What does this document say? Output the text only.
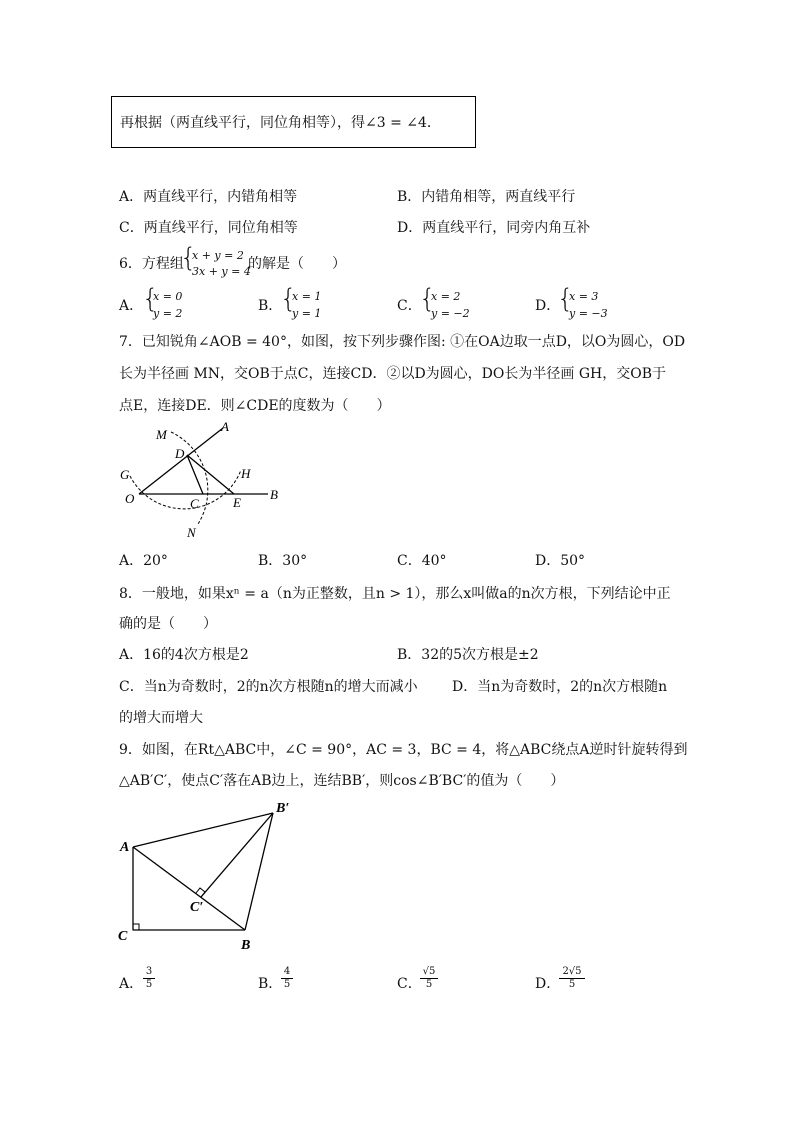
再根据（两直线平行，同位角相等），得∠3 = ∠4．
A．两直线平行，内错角相等	B．内错角相等，两直线平行
C．两直线平行，同位角相等	D．两直线平行，同旁内角互补
6．方程组
{
x + y = 2
3x + y = 4
的解是（　　）
A．
{
x = 0
y = 2	B．
{
x = 1
y = 1	C．
{
x = 2
y = −2	D．
{
x = 3
y = −3
7．已知锐角∠AOB = 40°，如图，按下列步骤作图: ①在OA边取一点D，以O为圆心，OD
长为半径画 MN，交OB于点C，连接CD．②以D为圆心，DO长为半径画 GH，交OB于
点E，连接DE．则∠CDE的度数为（　　）
M
A
D
G	H
O	C	E
B
N
A．20°	B．30°	C．40°	D．50°
8．一般地，如果xⁿ = a（n为正整数，且n > 1），那么x叫做a的n次方根，下列结论中正
确的是（　　）
A．16的4次方根是2	B．32的5次方根是±2
C．当n为奇数时，2的n次方根随n的增大而减小 D．当n为奇数时，2的n次方根随n
的增大而增大
9．如图，在Rt△ABC中，∠C = 90°，AC = 3，BC = 4，将△ABC绕点A逆时针旋转得到
△AB′C′，使点C′落在AB边上，连结BB′，则cos∠B′BC′的值为（　　）
A
C
B
B′
C′
A． $\frac{3}{5}$	B．
$\frac{4}{5}$	C．
$\frac{√5}{5}$	D．
$\frac{2√5}{5}$
